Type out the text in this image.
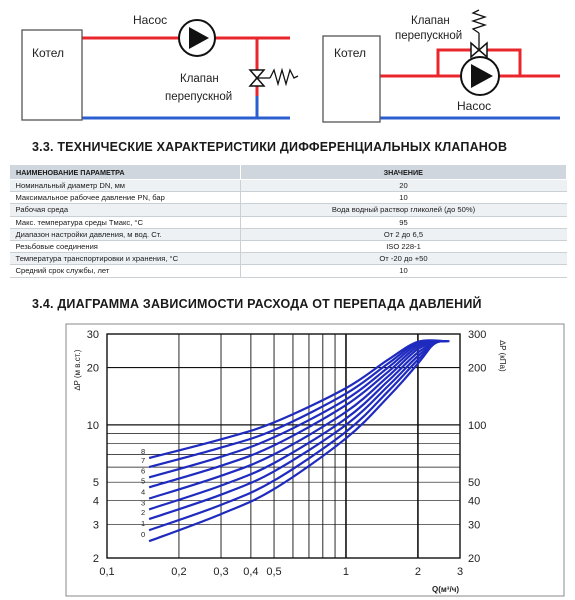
Котел
Насос
Клапан
перепускной
Котел
Насос
Клапан
перепускной
3.3. ТЕХНИЧЕСКИЕ ХАРАКТЕРИСТИКИ ДИФФЕРЕНЦИАЛЬНЫХ КЛАПАНОВ
НАИМЕНОВАНИЕ ПАРАМЕТРА	ЗНАЧЕНИЕ
Номинальный диаметр DN, мм	20
Максимальное рабочее давление PN, бар	10
Рабочая среда	Вода водный раствор гликолей (до 50%)
Макс. температура среды Tмакс, °С	95
Диапазон настройки давления, м вод. Ст.	От 2 до 6,5
Резьбовые соединения	ISO 228-1
Температура транспортировки и хранения, °С	От -20 до +50
Средний срок службы, лет	10
3.4. ДИАГРАММА ЗАВИСИМОСТИ РАСХОДА ОТ ПЕРЕПАДА ДАВЛЕНИЙ
0,1	0,2 0,3 0,4 0,5	1	2	3
2
3
4
5
10
20
30
20
30
40
50
100
200
300
0
1
2
3
4
5
6
7
8
∆P (м в.ст.)	∆P (кПа)
Q(м³/ч)
